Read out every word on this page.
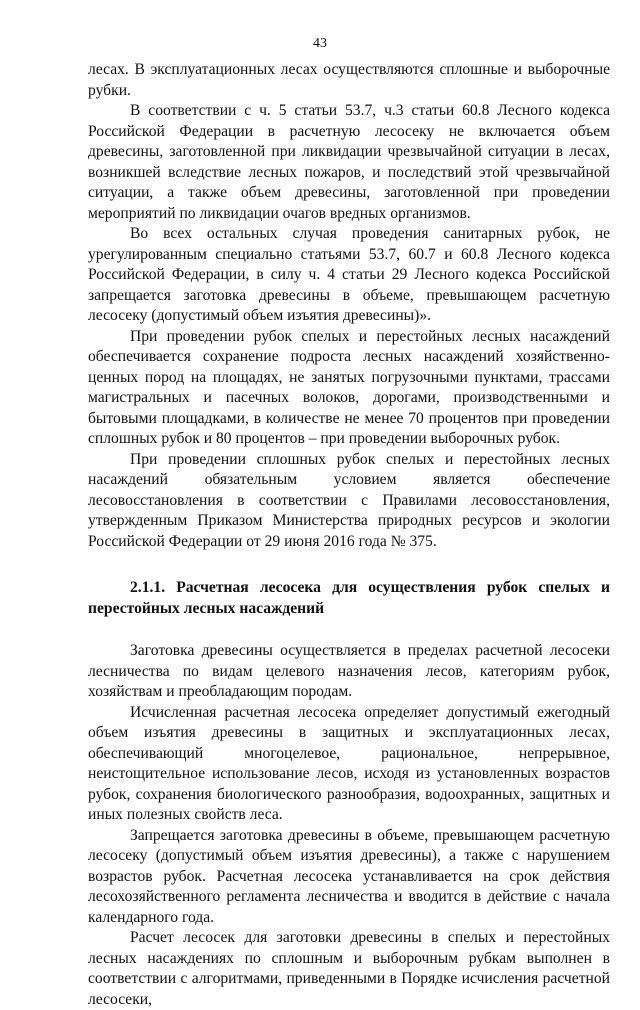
43

лесах. В эксплуатационных лесах осуществляются сплошные и выборочные рубки.

В соответствии с ч. 5 статьи 53.7, ч.3 статьи 60.8 Лесного кодекса Российской Федерации в расчетную лесосеку не включается объем древесины, заготовленной при ликвидации чрезвычайной ситуации в лесах, возникшей вследствие лесных пожаров, и последствий этой чрезвычайной ситуации, а также объем древесины, заготовленной при проведении мероприятий по ликвидации очагов вредных организмов.

Во всех остальных случая проведения санитарных рубок, не урегулированным специально статьями 53.7, 60.7 и 60.8 Лесного кодекса Российской Федерации, в силу ч. 4 статьи 29 Лесного кодекса Российской запрещается заготовка древесины в объеме, превышающем расчетную лесосеку (допустимый объем изъятия древесины)».

При проведении рубок спелых и перестойных лесных насаждений обеспечивается сохранение подроста лесных насаждений хозяйственно-ценных пород на площадях, не занятых погрузочными пунктами, трассами магистральных и пасечных волоков, дорогами, производственными и бытовыми площадками, в количестве не менее 70 процентов при проведении сплошных рубок и 80 процентов – при проведении выборочных рубок.

При проведении сплошных рубок спелых и перестойных лесных насаждений обязательным условием является обеспечение лесовосстановления в соответствии с Правилами лесовосстановления, утвержденным Приказом Министерства природных ресурсов и экологии Российской Федерации от 29 июня 2016 года № 375.

2.1.1. Расчетная лесосека для осуществления рубок спелых и перестойных лесных насаждений

Заготовка древесины осуществляется в пределах расчетной лесосеки лесничества по видам целевого назначения лесов, категориям рубок, хозяйствам и преобладающим породам.

Исчисленная расчетная лесосека определяет допустимый ежегодный объем изъятия древесины в защитных и эксплуатационных лесах, обеспечивающий многоцелевое, рациональное, непрерывное, неистощительное использование лесов, исходя из установленных возрастов рубок, сохранения биологического разнообразия, водоохранных, защитных и иных полезных свойств леса.

Запрещается заготовка древесины в объеме, превышающем расчетную лесосеку (допустимый объем изъятия древесины), а также с нарушением возрастов рубок. Расчетная лесосека устанавливается на срок действия лесохозяйственного регламента лесничества и вводится в действие с начала календарного года.

Расчет лесосек для заготовки древесины в спелых и перестойных лесных насаждениях по сплошным и выборочным рубкам выполнен в соответствии с алгоритмами, приведенными в Порядке исчисления расчетной лесосеки,
